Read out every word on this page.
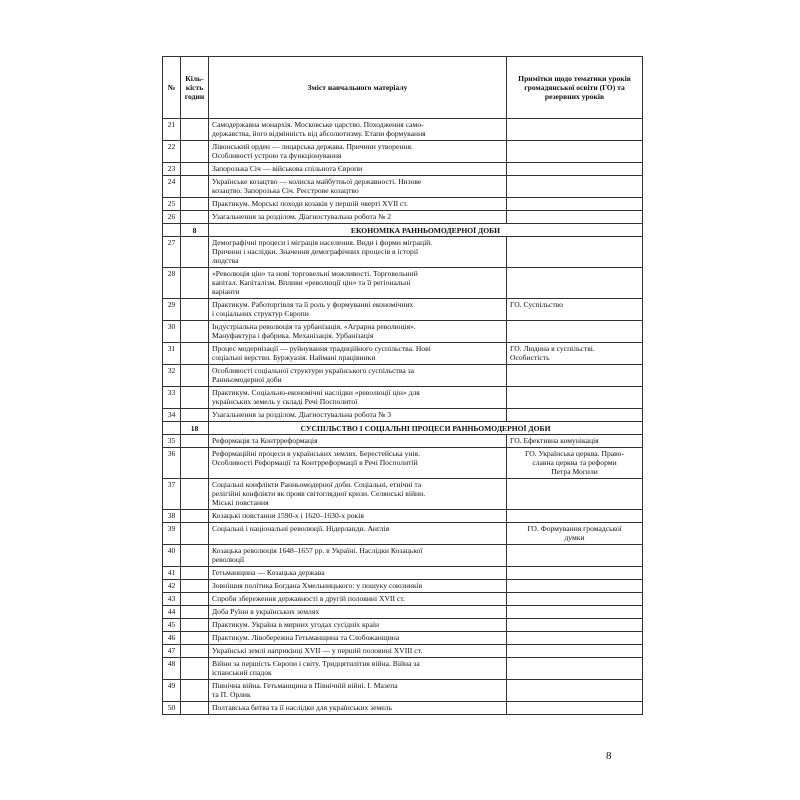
№	Кіль-
кість
годин	Зміст навчального матеріалу	Примітки щодо тематики уроків громадянської освіти (ГО) та резервних уроків
21		Самодержавна монархія. Московське царство. Походження само-
державства, його відмінність від абсолютизму. Етапи формування	
22		Лівонський орден — лицарська держава. Причини утворення.
Особливості устрою та функціонування	
23		Запорозька Січ — військова спільнота Європи	
24		Українське козацтво — колиска майбутньої державності. Низове
козацтво. Запорозька Січ. Реєстрове козацтво	
25		Практикум. Морські походи козаків у першій чверті XVII ст.	
26		Узагальнення за розділом. Діагностувальна робота № 2	
	8	ЕКОНОМІКА РАННЬОМОДЕРНОЇ ДОБИ	
27		Демографічні процеси і міграція населення. Види і форми міграцій.
Причини і наслідки. Значення демографічних процесів в історії
людства	
28		«Революція цін» та нові торговельні можливості. Торговельний
капітал. Капіталізм. Впливи «революції цін» та її регіональні
варіанти	
29		Практикум. Работоргівля та її роль у формуванні економічних
і соціальних структур Європи	ГО. Суспільство
30		Індустріальна революція та урбанізація. «Аграрна революція».
Мануфактура і фабрика. Механізація. Урбанізація	
31		Процес модернізації — руйнування традиційного суспільства. Нові
соціальні верстви. Буржуазія. Наймані працівники	ГО. Людина в суспільстві.
Особистість
32		Особливості соціальної структури українського суспільства за
Ранньомодерної доби	
33		Практикум. Соціально-економічні наслідки «революції цін» для
українських земель у складі Речі Посполитої	
34		Узагальнення за розділом. Діагностувальна робота № 3	
	18	СУСПІЛЬСТВО І СОЦІАЛЬНІ ПРОЦЕСИ РАННЬОМОДЕРНОЇ ДОБИ	
35		Реформація та Контрреформація	ГО. Ефективна комунікація
36		Реформаційні процеси в українських землях. Берестейська унія.
Особливості Реформації та Контрреформації в Речі Посполитій	ГО. Українська церква. Право-
славна церква та реформи
Петра Могили
37		Соціальні конфлікти Ранньомодерної доби. Соціальні, етнічні та
релігійні конфлікти як прояв світоглядної кризи. Селянські війни.
Міські повстання	
38		Козацькі повстання 1590-х і 1620–1630-х років	
39		Соціальні і національні революції. Нідерланди. Англія	ГО. Формування громадської
думки
40		Козацька революція 1648–1657 рр. в Україні. Наслідки Козацької
революції	
41		Гетьманщина — Козацька держава	
42		Зовнішня політика Богдана Хмельницького: у пошуку союзників	
43		Спроби збереження державності в другій половині XVII ст.	
44		Доба Руїни в українських землях	
45		Практикум. Україна в мирних угодах сусідніх країн	
46		Практикум. Лівобережна Гетьманщина та Слобожанщина	
47		Українські землі наприкінці XVII — у першій половині XVIII ст.	
48		Війни за першість Європи і світу. Тридцятилітня війна. Війна за
іспанський спадок	
49		Північна війна. Гетьманщина в Північній війні. І. Мазепа
та П. Орлик	
50		Полтавська битва та її наслідки для українських земель	
8
